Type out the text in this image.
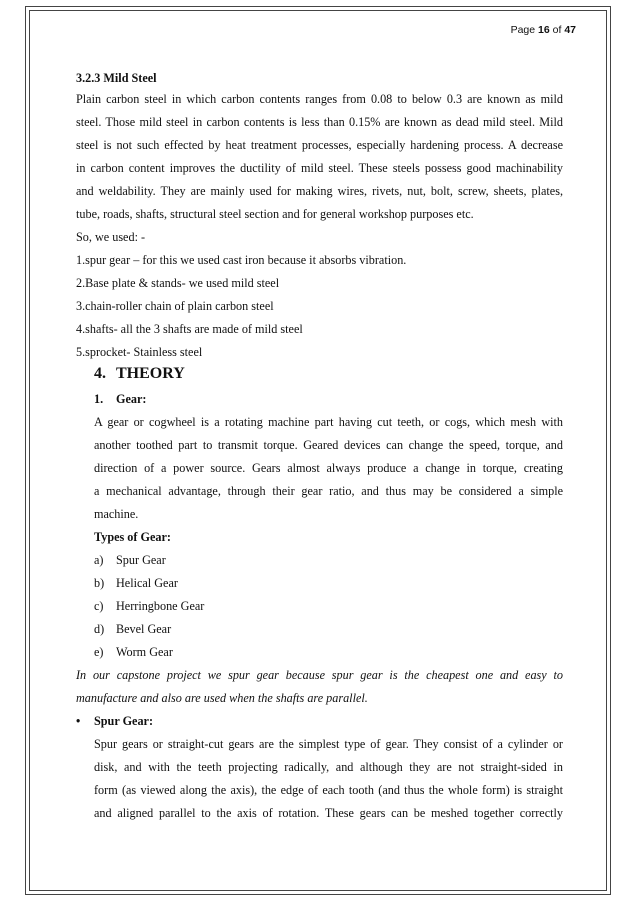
Page 16 of 47
3.2.3 Mild Steel
Plain carbon steel in which carbon contents ranges from 0.08 to below 0.3 are known as mild
steel. Those mild steel in carbon contents is less than 0.15% are known as dead mild steel. Mild
steel is not such effected by heat treatment processes, especially hardening process. A decrease
in carbon content improves the ductility of mild steel. These steels possess good machinability
and weldability. They are mainly used for making wires, rivets, nut, bolt, screw, sheets, plates,
tube, roads, shafts, structural steel section and for general workshop purposes etc.
So, we used: -
1.spur gear – for this we used cast iron because it absorbs vibration.
2.Base plate & stands- we used mild steel
3.chain-roller chain of plain carbon steel
4.shafts- all the 3 shafts are made of mild steel
5.sprocket- Stainless steel
4. THEORY
1. Gear:
A gear or cogwheel is a rotating machine part having cut teeth, or cogs, which mesh with
another toothed part to transmit torque. Geared devices can change the speed, torque, and
direction of a power source. Gears almost always produce a change in torque, creating
a mechanical advantage, through their gear ratio, and thus may be considered a simple
machine.
Types of Gear:
a) Spur Gear
b) Helical Gear
c) Herringbone Gear
d) Bevel Gear
e) Worm Gear
In our capstone project we spur gear because spur gear is the cheapest one and easy to
manufacture and also are used when the shafts are parallel.
• Spur Gear:
Spur gears or straight-cut gears are the simplest type of gear. They consist of a cylinder or
disk, and with the teeth projecting radically, and although they are not straight-sided in
form (as viewed along the axis), the edge of each tooth (and thus the whole form) is straight
and aligned parallel to the axis of rotation. These gears can be meshed together correctly
